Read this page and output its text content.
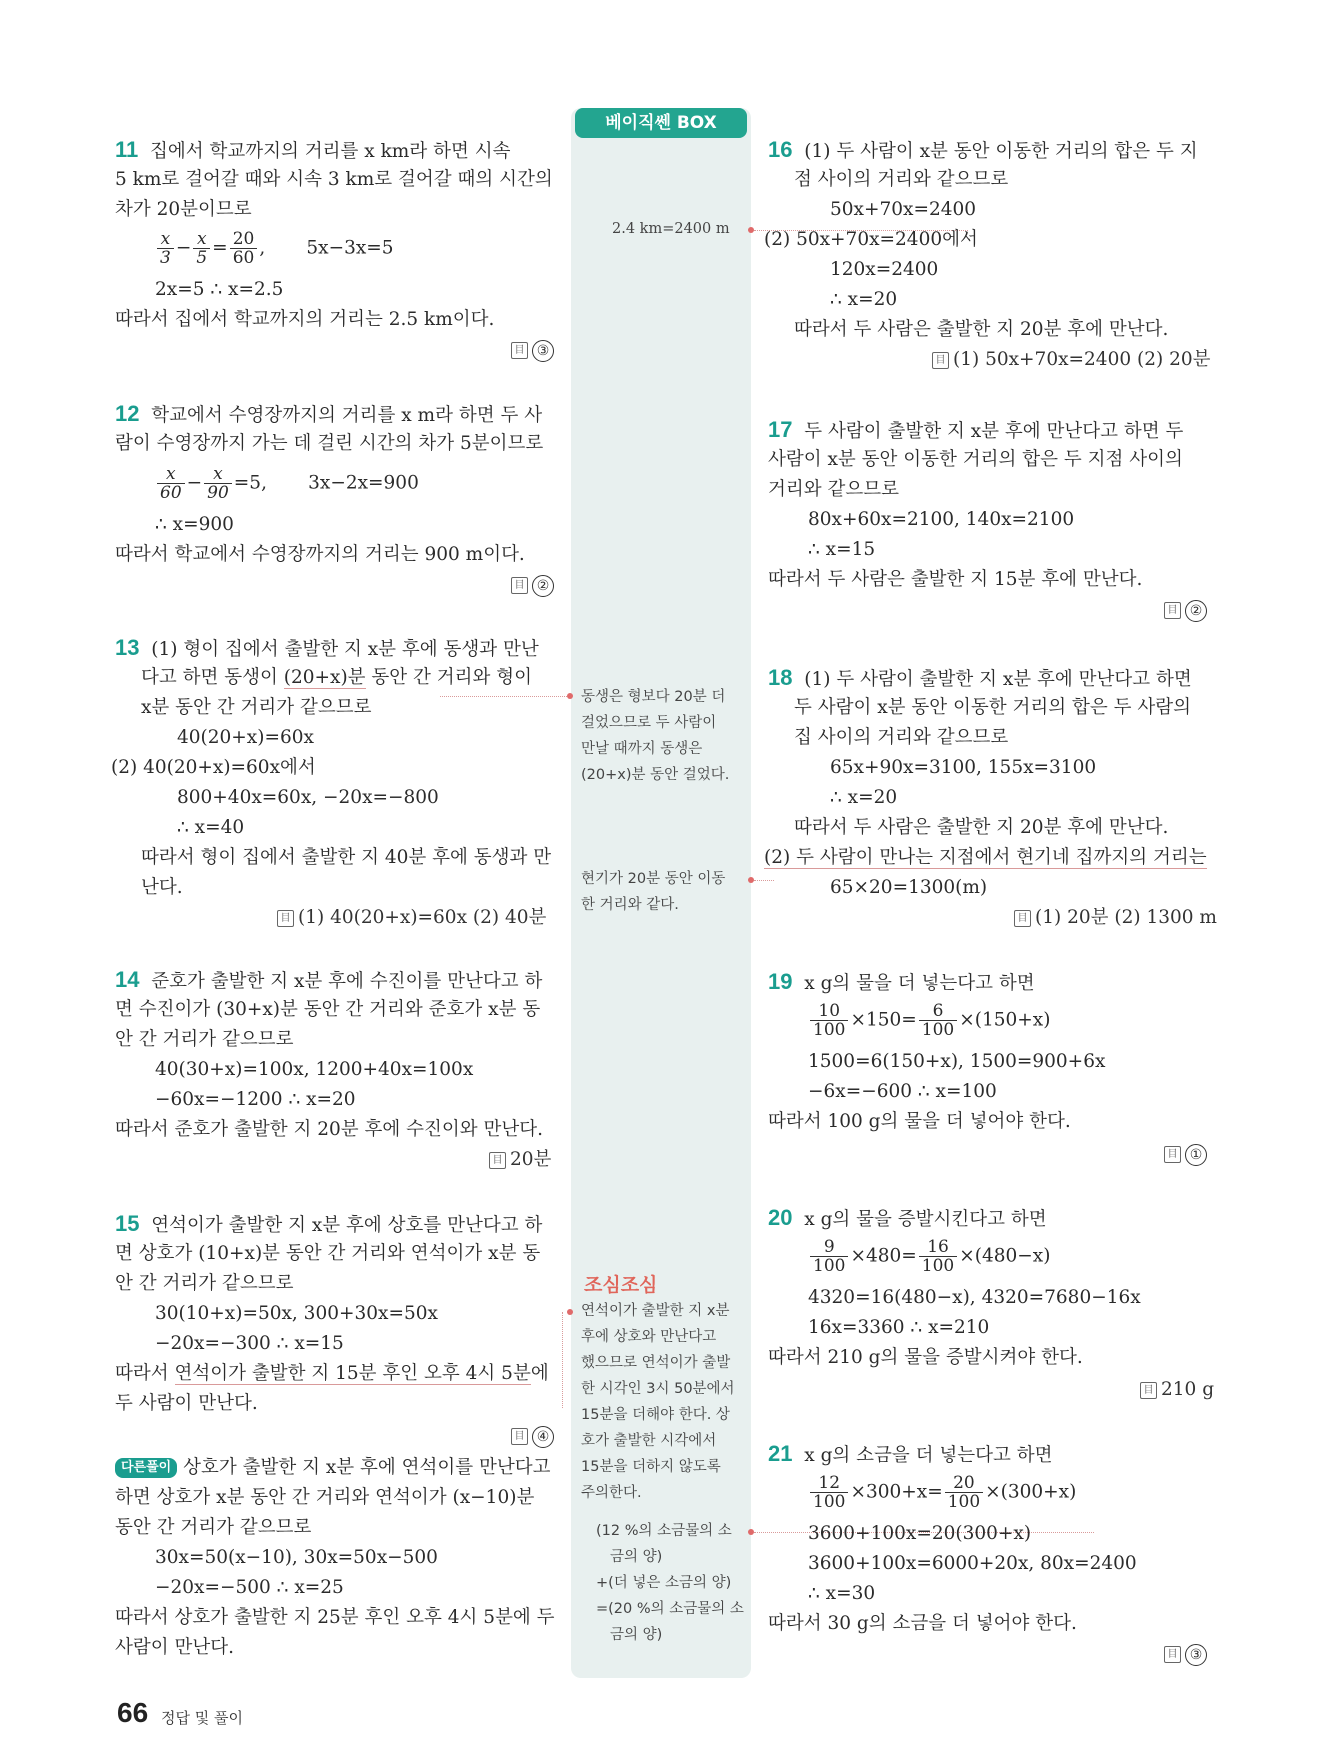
베이직쎈 BOX
2.4 km=2400 m
동생은 형보다 20분 더
걸었으므로 두 사람이
만날 때까지 동생은
(20+x)분 동안 걸었다.
현기가 20분 동안 이동
한 거리와 같다.
조심조심
연석이가 출발한 지 x분
후에 상호와 만난다고
했으므로 연석이가 출발
한 시각인 3시 50분에서
15분을 더해야 한다. 상
호가 출발한 시각에서
15분을 더하지 않도록
주의한다.
(12 %의 소금물의 소
금의 양)
+(더 넣은 소금의 양)
=(20 %의 소금물의 소
금의 양)
11 집에서 학교까지의 거리를 x km라 하면 시속
5 km로 걸어갈 때와 시속 3 km로 걸어갈 때의 시간의
차가 20분이므로
$\frac{x}{3} - \frac{x}{5} = \frac{20}{60}$ ,       5x−3x=5
2x=5 ∴ x=2.5
따라서 집에서 학교까지의 거리는 2.5 km이다.
目 ③
12 학교에서 수영장까지의 거리를 x m라 하면 두 사
람이 수영장까지 가는 데 걸린 시간의 차가 5분이므로
$\frac{x}{60} - \frac{x}{90} =5$, 3x−2x=900
∴ x=900
따라서 학교에서 수영장까지의 거리는 900 m이다.
目 ②
13 (1) 형이 집에서 출발한 지 x분 후에 동생과 만난
다고 하면 동생이 (20+x)분 동안 간 거리와 형이
x분 동안 간 거리가 같으므로
40(20+x)=60x
(2) 40(20+x)=60x에서
800+40x=60x, −20x=−800
∴ x=40
따라서 형이 집에서 출발한 지 40분 후에 동생과 만
난다.
目 (1) 40(20+x)=60x (2) 40분
14 준호가 출발한 지 x분 후에 수진이를 만난다고 하
면 수진이가 (30+x)분 동안 간 거리와 준호가 x분 동
안 간 거리가 같으므로
40(30+x)=100x, 1200+40x=100x
−60x=−1200 ∴ x=20
따라서 준호가 출발한 지 20분 후에 수진이와 만난다.
目 20분
15 연석이가 출발한 지 x분 후에 상호를 만난다고 하
면 상호가 (10+x)분 동안 간 거리와 연석이가 x분 동
안 간 거리가 같으므로
30(10+x)=50x, 300+30x=50x
−20x=−300 ∴ x=15
따라서 연석이가 출발한 지 15분 후인 오후 4시 5분에
두 사람이 만난다.
目 ④
다른풀이 상호가 출발한 지 x분 후에 연석이를 만난다고
하면 상호가 x분 동안 간 거리와 연석이가 (x−10)분
동안 간 거리가 같으므로
30x=50(x−10), 30x=50x−500
−20x=−500 ∴ x=25
따라서 상호가 출발한 지 25분 후인 오후 4시 5분에 두
사람이 만난다.
16 (1) 두 사람이 x분 동안 이동한 거리의 합은 두 지
점 사이의 거리와 같으므로
50x+70x=2400
(2) 50x+70x=2400에서
120x=2400
∴ x=20
따라서 두 사람은 출발한 지 20분 후에 만난다.
目 (1) 50x+70x=2400 (2) 20분
17 두 사람이 출발한 지 x분 후에 만난다고 하면 두
사람이 x분 동안 이동한 거리의 합은 두 지점 사이의
거리와 같으므로
80x+60x=2100, 140x=2100
∴ x=15
따라서 두 사람은 출발한 지 15분 후에 만난다.
目 ②
18 (1) 두 사람이 출발한 지 x분 후에 만난다고 하면
두 사람이 x분 동안 이동한 거리의 합은 두 사람의
집 사이의 거리와 같으므로
65x+90x=3100, 155x=3100
∴ x=20
따라서 두 사람은 출발한 지 20분 후에 만난다.
(2) 두 사람이 만나는 지점에서 현기네 집까지의 거리는
65×20=1300(m)
目 (1) 20분 (2) 1300 m
19 x g의 물을 더 넣는다고 하면
$\frac{10}{100} \times 150= \frac{6}{100} \times(150+x)$
1500=6(150+x), 1500=900+6x
−6x=−600 ∴ x=100
따라서 100 g의 물을 더 넣어야 한다.
目 ①
20 x g의 물을 증발시킨다고 하면
$\frac{9}{100} \times 480= \frac{16}{100} \times(480-x)$
4320=16(480−x), 4320=7680−16x
16x=3360 ∴ x=210
따라서 210 g의 물을 증발시켜야 한다.
目 210 g
21 x g의 소금을 더 넣는다고 하면
$\frac{12}{100} \times 300+x= \frac{20}{100} \times(300+x)$
3600+100x=20(300+x)
3600+100x=6000+20x, 80x=2400
∴ x=30
따라서 30 g의 소금을 더 넣어야 한다.
目 ③
66 정답 및 풀이
